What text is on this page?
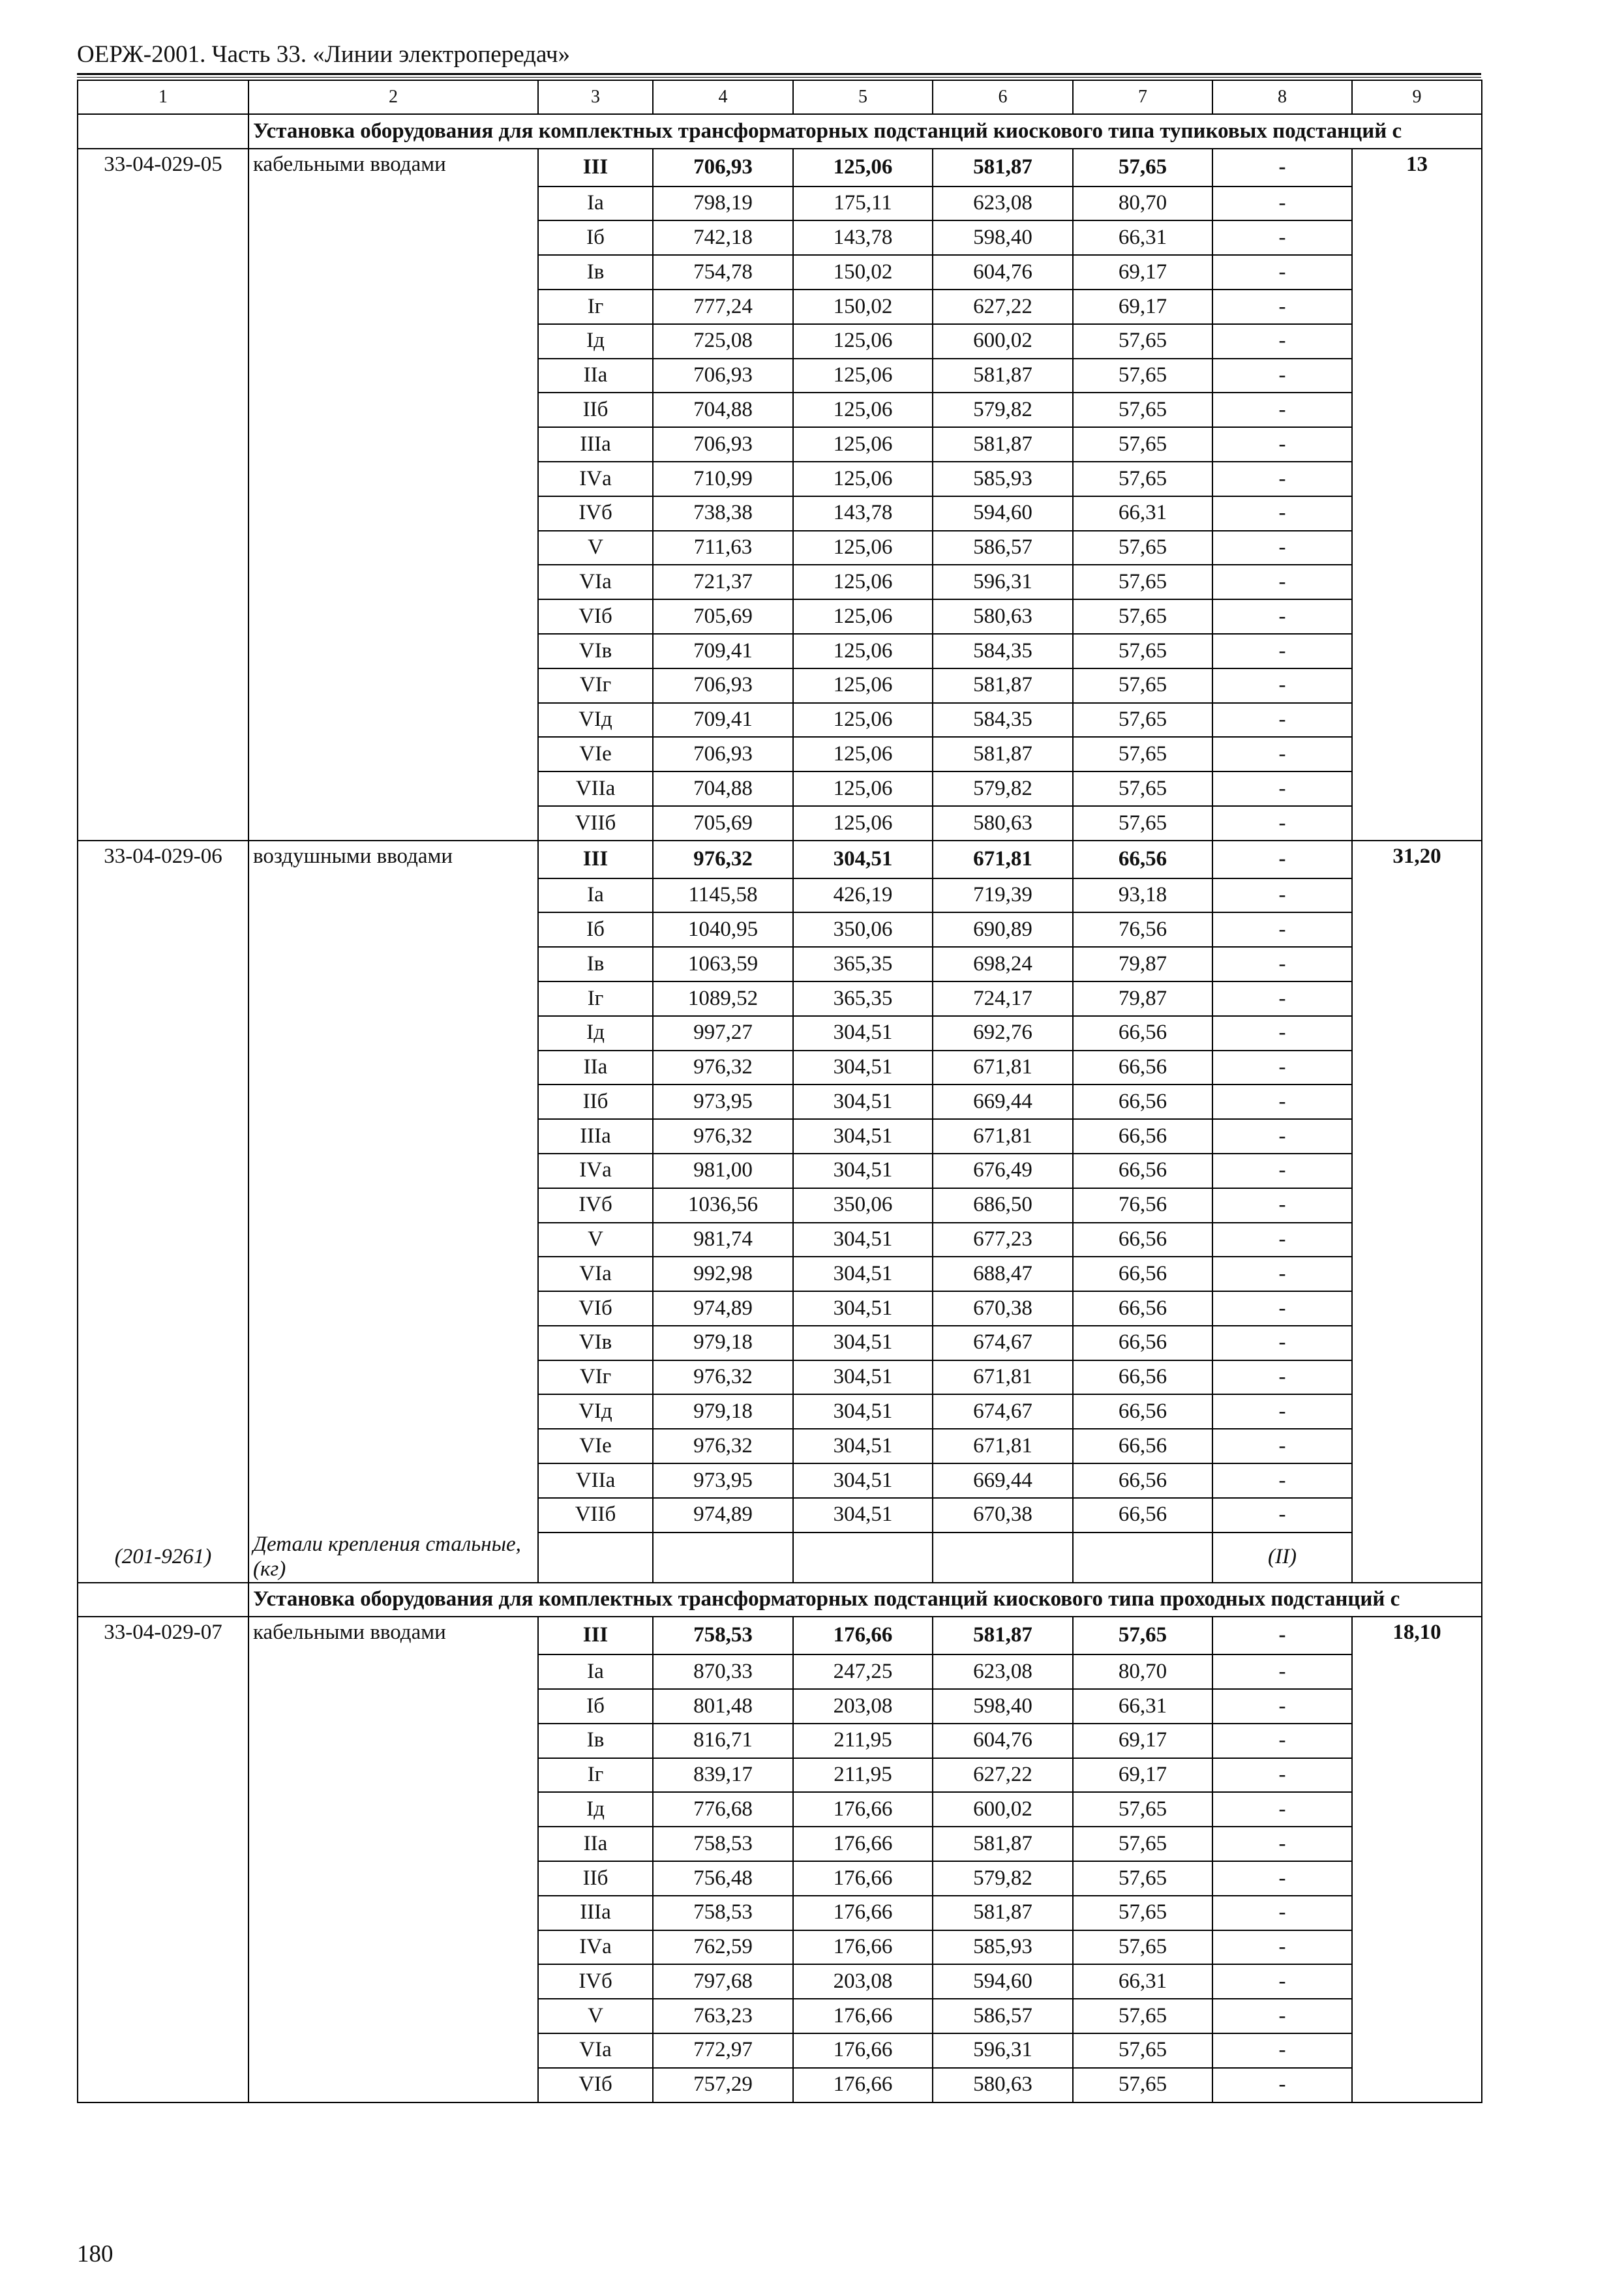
ОЕРЖ-2001. Часть 33. «Линии электропередач»
1	2	3	4	5	6	7	8	9
	Установка оборудования для комплектных трансформаторных подстанций киоскового типа тупиковых подстанций с							
33-04-029-05	кабельными вводами	III	706,93	125,06	581,87	57,65	-	13
		Iа	798,19	175,11	623,08	80,70	-	
		Iб	742,18	143,78	598,40	66,31	-	
		Iв	754,78	150,02	604,76	69,17	-	
		Iг	777,24	150,02	627,22	69,17	-	
		Iд	725,08	125,06	600,02	57,65	-	
		IIа	706,93	125,06	581,87	57,65	-	
		IIб	704,88	125,06	579,82	57,65	-	
		IIIа	706,93	125,06	581,87	57,65	-	
		IVа	710,99	125,06	585,93	57,65	-	
		IVб	738,38	143,78	594,60	66,31	-	
		V	711,63	125,06	586,57	57,65	-	
		VIа	721,37	125,06	596,31	57,65	-	
		VIб	705,69	125,06	580,63	57,65	-	
		VIв	709,41	125,06	584,35	57,65	-	
		VIг	706,93	125,06	581,87	57,65	-	
		VIд	709,41	125,06	584,35	57,65	-	
		VIе	706,93	125,06	581,87	57,65	-	
		VIIа	704,88	125,06	579,82	57,65	-	
		VIIб	705,69	125,06	580,63	57,65	-	
33-04-029-06	воздушными вводами	III	976,32	304,51	671,81	66,56	-	31,20
		Iа	1145,58	426,19	719,39	93,18	-	
		Iб	1040,95	350,06	690,89	76,56	-	
		Iв	1063,59	365,35	698,24	79,87	-	
		Iг	1089,52	365,35	724,17	79,87	-	
		Iд	997,27	304,51	692,76	66,56	-	
		IIа	976,32	304,51	671,81	66,56	-	
		IIб	973,95	304,51	669,44	66,56	-	
		IIIа	976,32	304,51	671,81	66,56	-	
		IVа	981,00	304,51	676,49	66,56	-	
		IVб	1036,56	350,06	686,50	76,56	-	
		V	981,74	304,51	677,23	66,56	-	
		VIа	992,98	304,51	688,47	66,56	-	
		VIб	974,89	304,51	670,38	66,56	-	
		VIв	979,18	304,51	674,67	66,56	-	
		VIг	976,32	304,51	671,81	66,56	-	
		VIд	979,18	304,51	674,67	66,56	-	
		VIе	976,32	304,51	671,81	66,56	-	
		VIIа	973,95	304,51	669,44	66,56	-	
		VIIб	974,89	304,51	670,38	66,56	-	
(201-9261)	Детали крепления стальные, (кг)						(II)	
	Установка оборудования для комплектных трансформаторных подстанций киоскового типа проходных подстанций с							
33-04-029-07	кабельными вводами	III	758,53	176,66	581,87	57,65	-	18,10
		Iа	870,33	247,25	623,08	80,70	-	
		Iб	801,48	203,08	598,40	66,31	-	
		Iв	816,71	211,95	604,76	69,17	-	
		Iг	839,17	211,95	627,22	69,17	-	
		Iд	776,68	176,66	600,02	57,65	-	
		IIа	758,53	176,66	581,87	57,65	-	
		IIб	756,48	176,66	579,82	57,65	-	
		IIIа	758,53	176,66	581,87	57,65	-	
		IVа	762,59	176,66	585,93	57,65	-	
		IVб	797,68	203,08	594,60	66,31	-	
		V	763,23	176,66	586,57	57,65	-	
		VIа	772,97	176,66	596,31	57,65	-	
		VIб	757,29	176,66	580,63	57,65	-	
180
